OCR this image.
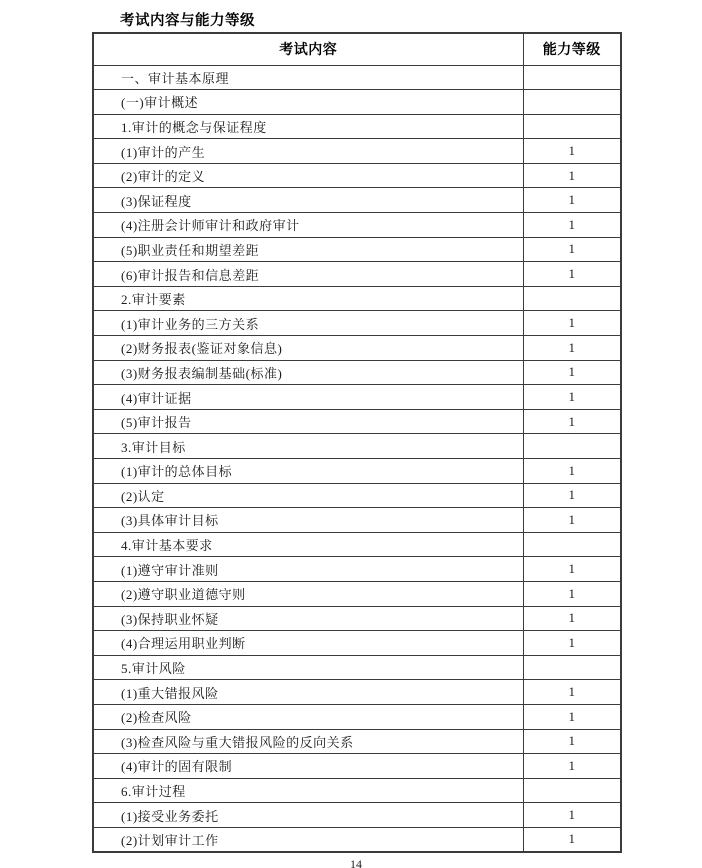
考试内容与能力等级
考试内容	能力等级
一、审计基本原理	
(一)审计概述	
1.审计的概念与保证程度	
(1)审计的产生	1
(2)审计的定义	1
(3)保证程度	1
(4)注册会计师审计和政府审计	1
(5)职业责任和期望差距	1
(6)审计报告和信息差距	1
2.审计要素	
(1)审计业务的三方关系	1
(2)财务报表(鉴证对象信息)	1
(3)财务报表编制基础(标准)	1
(4)审计证据	1
(5)审计报告	1
3.审计目标	
(1)审计的总体目标	1
(2)认定	1
(3)具体审计目标	1
4.审计基本要求	
(1)遵守审计准则	1
(2)遵守职业道德守则	1
(3)保持职业怀疑	1
(4)合理运用职业判断	1
5.审计风险	
(1)重大错报风险	1
(2)检查风险	1
(3)检查风险与重大错报风险的反向关系	1
(4)审计的固有限制	1
6.审计过程	
(1)接受业务委托	1
(2)计划审计工作	1
14
